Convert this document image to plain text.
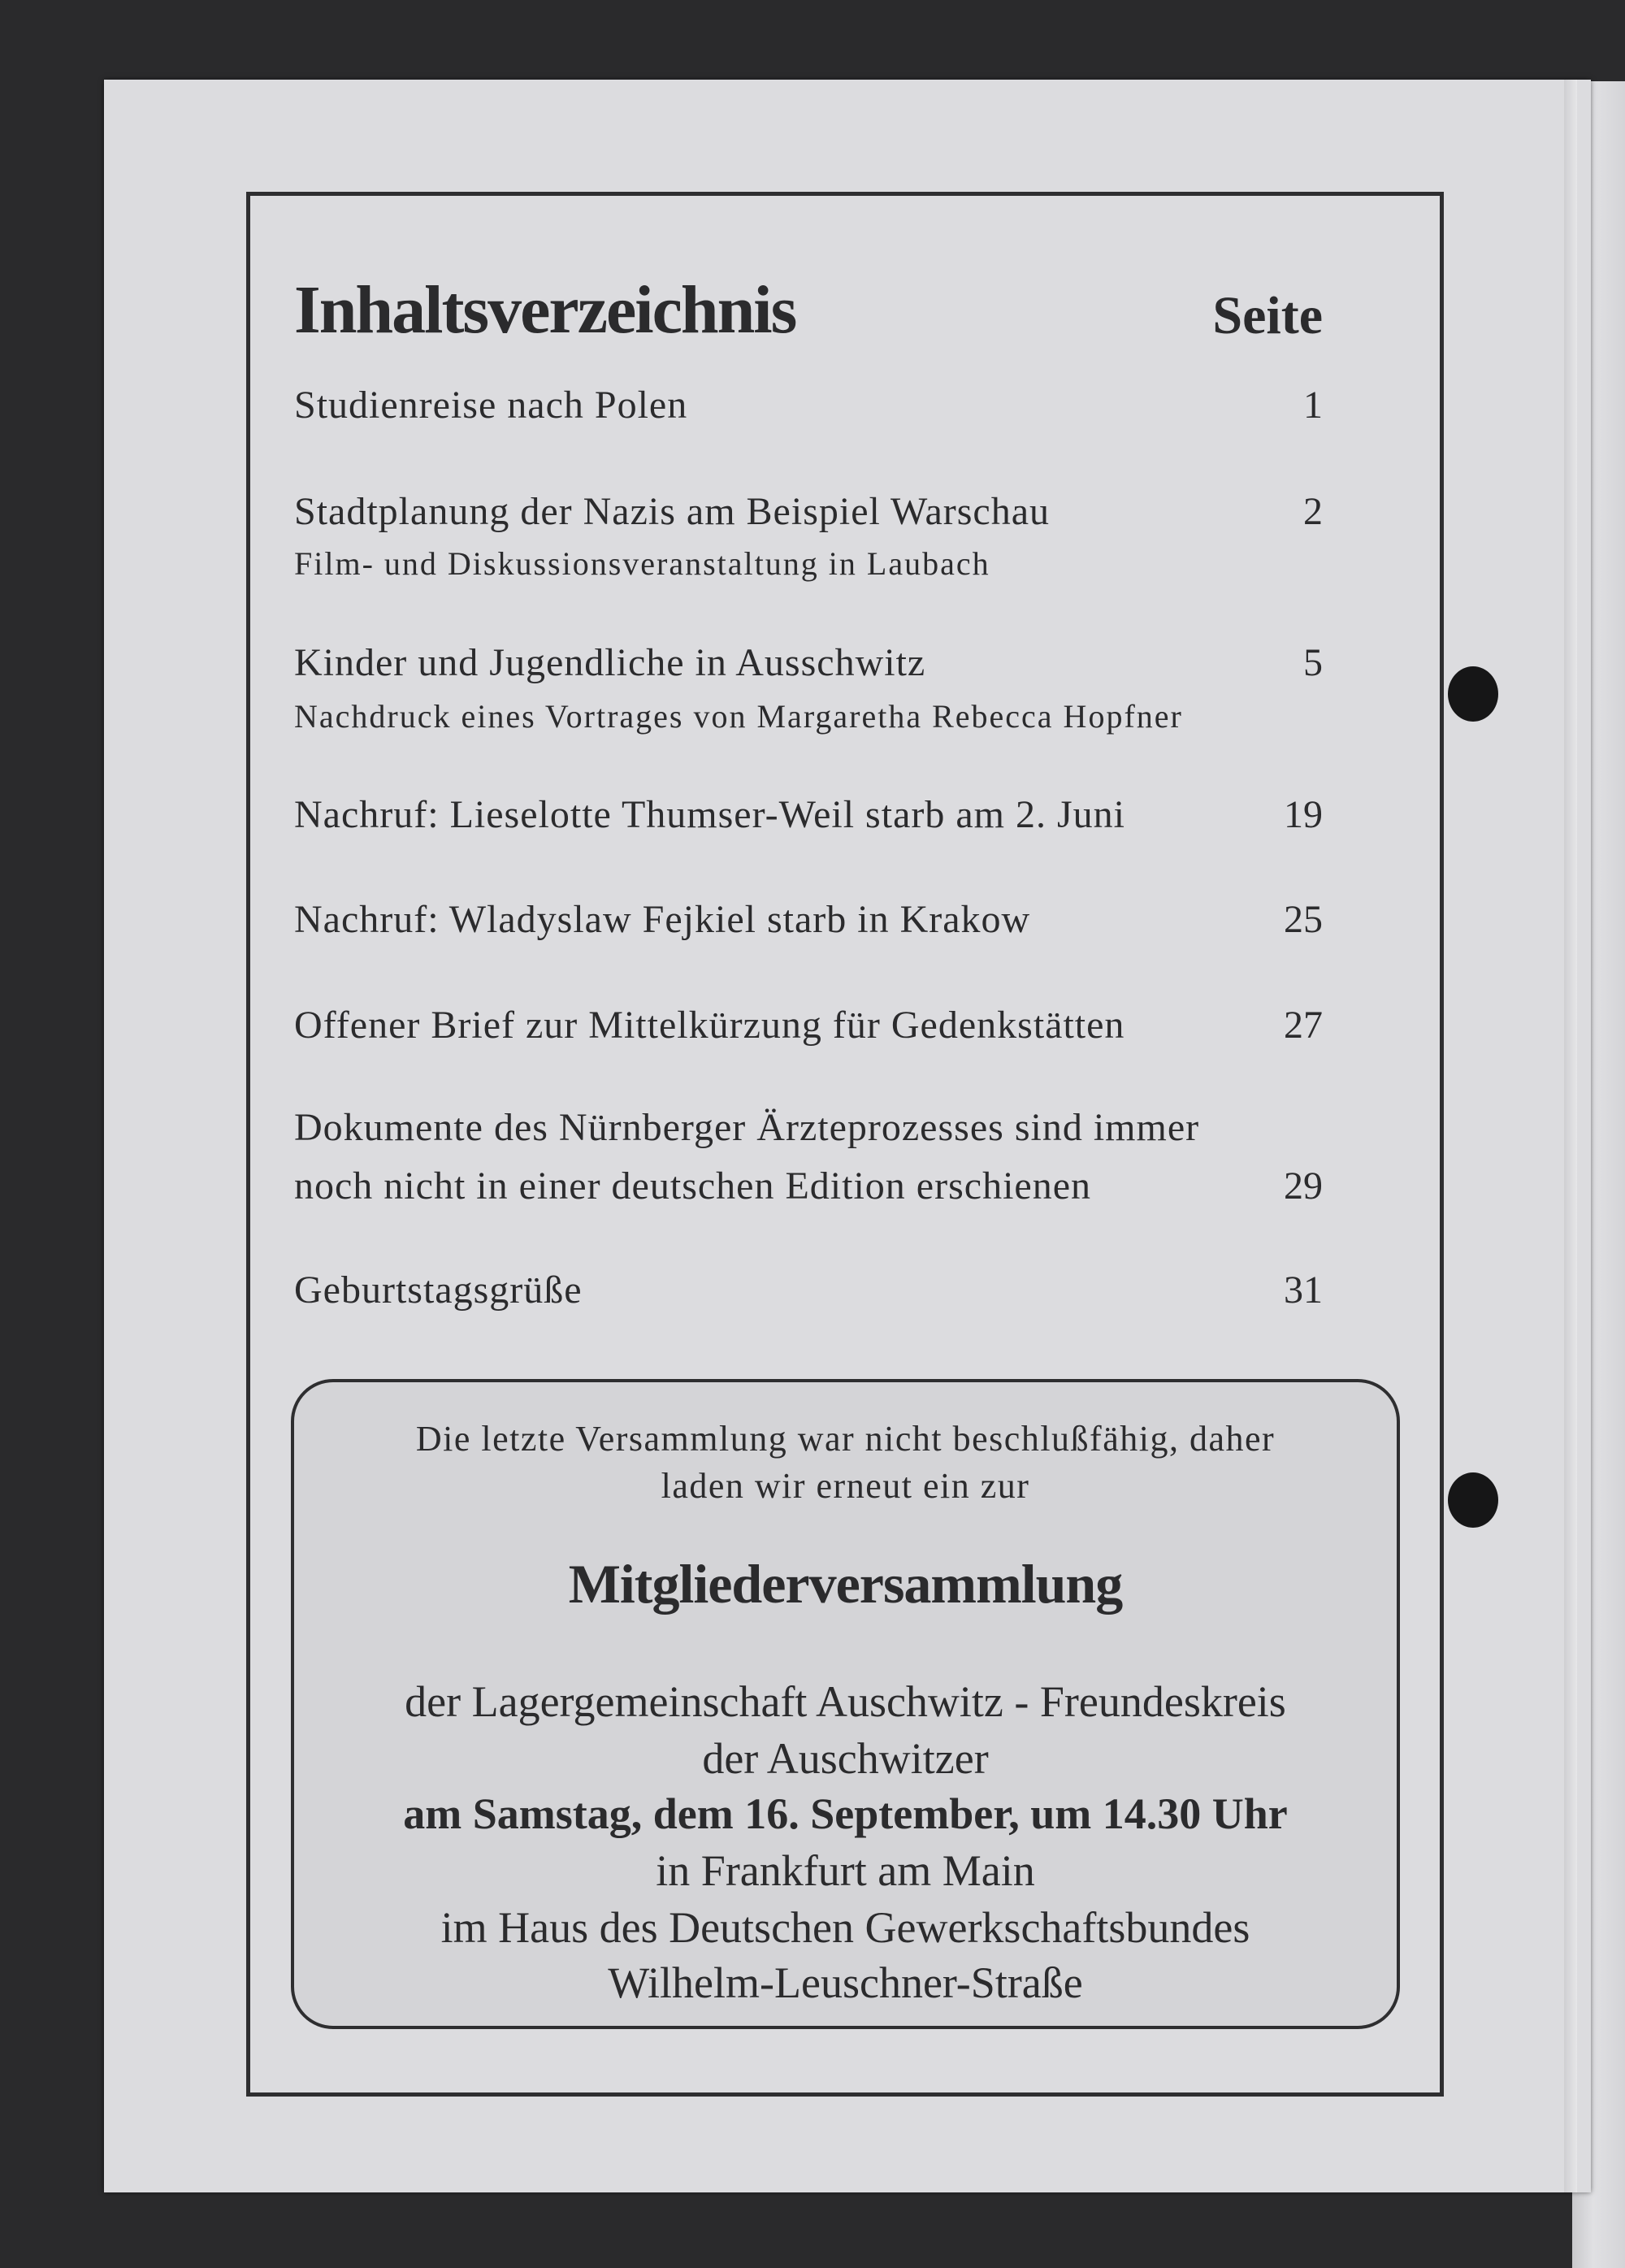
Inhaltsverzeichnis	Seite
Studienreise nach Polen	1
Stadtplanung der Nazis am Beispiel Warschau	2
Film- und Diskussionsveranstaltung in Laubach
Kinder und Jugendliche in Ausschwitz	5
Nachdruck eines Vortrages von Margaretha Rebecca Hopfner
Nachruf: Lieselotte Thumser-Weil starb am 2. Juni	19
Nachruf: Wladyslaw Fejkiel starb in Krakow	25
Offener Brief zur Mittelkürzung für Gedenkstätten	27
Dokumente des Nürnberger Ärzteprozesses sind immer
noch nicht in einer deutschen Edition erschienen	29
Geburtstagsgrüße	31
Die letzte Versammlung war nicht beschlußfähig, daher
laden wir erneut ein zur
Mitgliederversammlung
der Lagergemeinschaft Auschwitz - Freundeskreis
der Auschwitzer
am Samstag, dem 16. September, um 14.30 Uhr
in Frankfurt am Main
im Haus des Deutschen Gewerkschaftsbundes
Wilhelm-Leuschner-Straße
